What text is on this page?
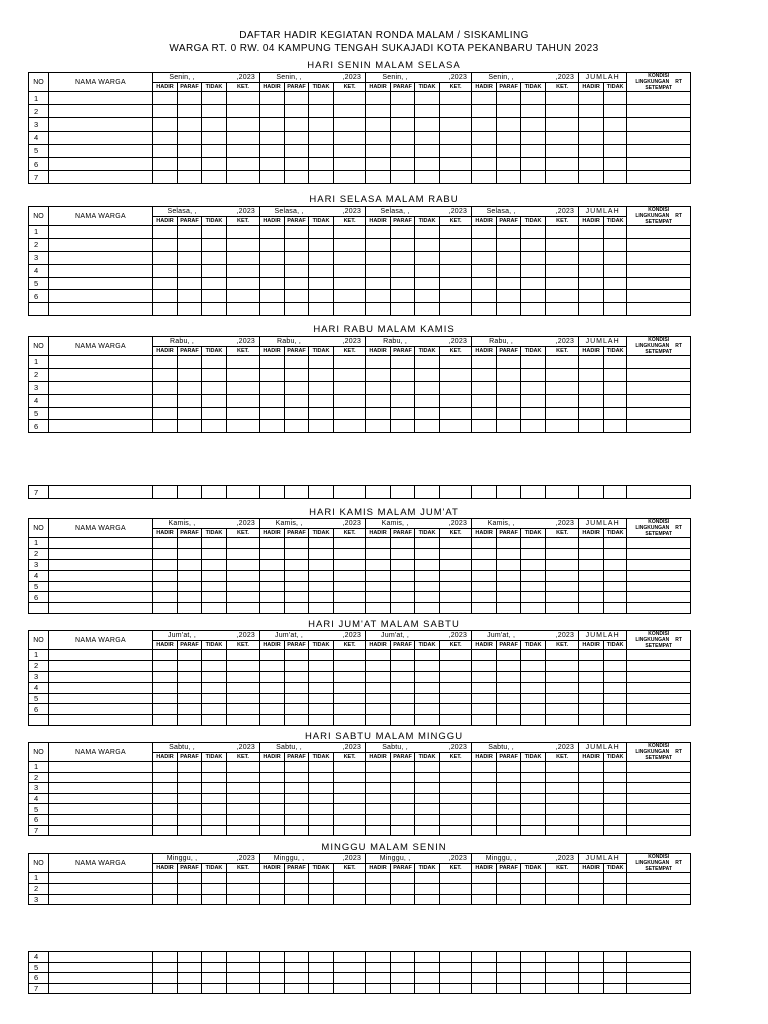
DAFTAR HADIR KEGIATAN RONDA MALAM / SISKAMLING
WARGA RT. 0 RW. 04 KAMPUNG TENGAH SUKAJADI KOTA PEKANBARU TAHUN 2023
HARI SENIN MALAM SELASA
NO	NAMA WARGA	
Senin, ,	,2023	Senin, ,	,2023	Senin, ,	,2023	Senin, ,	,2023	JUMLAH	KONDISI
LINGKUNGAN RT
SETEMPAT
HADIR	PARAF	TIDAK	KET.	HADIR	PARAF	TIDAK	KET.	HADIR	PARAF	TIDAK	KET.	HADIR	PARAF	TIDAK	KET.	HADIR	TIDAK
1																				
2																				
3																				
4																				
5																				
6																				
7																				
HARI SELASA MALAM RABU
NO	NAMA WARGA	
Selasa, ,	,2023	Selasa, ,	,2023	Selasa, ,	,2023	Selasa, ,	,2023	JUMLAH	KONDISI
LINGKUNGAN RT
SETEMPAT
HADIR	PARAF	TIDAK	KET.	HADIR	PARAF	TIDAK	KET.	HADIR	PARAF	TIDAK	KET.	HADIR	PARAF	TIDAK	KET.	HADIR	TIDAK
1																				
2																				
3																				
4																				
5																				
6																				

HARI RABU MALAM KAMIS
NO	NAMA WARGA	
Rabu, ,	,2023	Rabu, ,	,2023	Rabu, ,	,2023	Rabu, ,	,2023	JUMLAH	KONDISI
LINGKUNGAN RT
SETEMPAT
HADIR	PARAF	TIDAK	KET.	HADIR	PARAF	TIDAK	KET.	HADIR	PARAF	TIDAK	KET.	HADIR	PARAF	TIDAK	KET.	HADIR	TIDAK
1																				
2																				
3																				
4																				
5																				
6																				
7																				
HARI KAMIS MALAM JUM'AT
NO	NAMA WARGA	
Kamis, ,	,2023	Kamis, ,	,2023	Kamis, ,	,2023	Kamis, ,	,2023	JUMLAH	KONDISI
LINGKUNGAN RT
SETEMPAT
HADIR	PARAF	TIDAK	KET.	HADIR	PARAF	TIDAK	KET.	HADIR	PARAF	TIDAK	KET.	HADIR	PARAF	TIDAK	KET.	HADIR	TIDAK
1																				
2																				
3																				
4																				
5																				
6																				

HARI JUM'AT MALAM SABTU
NO	NAMA WARGA	
Jum'at, ,	,2023	Jum'at, ,	,2023	Jum'at, ,	,2023	Jum'at, ,	,2023	JUMLAH	KONDISI
LINGKUNGAN RT
SETEMPAT
HADIR	PARAF	TIDAK	KET.	HADIR	PARAF	TIDAK	KET.	HADIR	PARAF	TIDAK	KET.	HADIR	PARAF	TIDAK	KET.	HADIR	TIDAK
1																				
2																				
3																				
4																				
5																				
6																				

HARI SABTU MALAM MINGGU
NO	NAMA WARGA	
Sabtu, ,	,2023	Sabtu, ,	,2023	Sabtu, ,	,2023	Sabtu, ,	,2023	JUMLAH	KONDISI
LINGKUNGAN RT
SETEMPAT
HADIR	PARAF	TIDAK	KET.	HADIR	PARAF	TIDAK	KET.	HADIR	PARAF	TIDAK	KET.	HADIR	PARAF	TIDAK	KET.	HADIR	TIDAK
1																				
2																				
3																				
4																				
5																				
6																				
7																				
MINGGU MALAM SENIN
NO	NAMA WARGA	
Minggu, ,	,2023	Minggu, ,	,2023	Minggu, ,	,2023	Minggu, ,	,2023	JUMLAH	KONDISI
LINGKUNGAN RT
SETEMPAT
HADIR	PARAF	TIDAK	KET.	HADIR	PARAF	TIDAK	KET.	HADIR	PARAF	TIDAK	KET.	HADIR	PARAF	TIDAK	KET.	HADIR	TIDAK
1																				
2																				
3																				
4																				
5																				
6																				
7																				
